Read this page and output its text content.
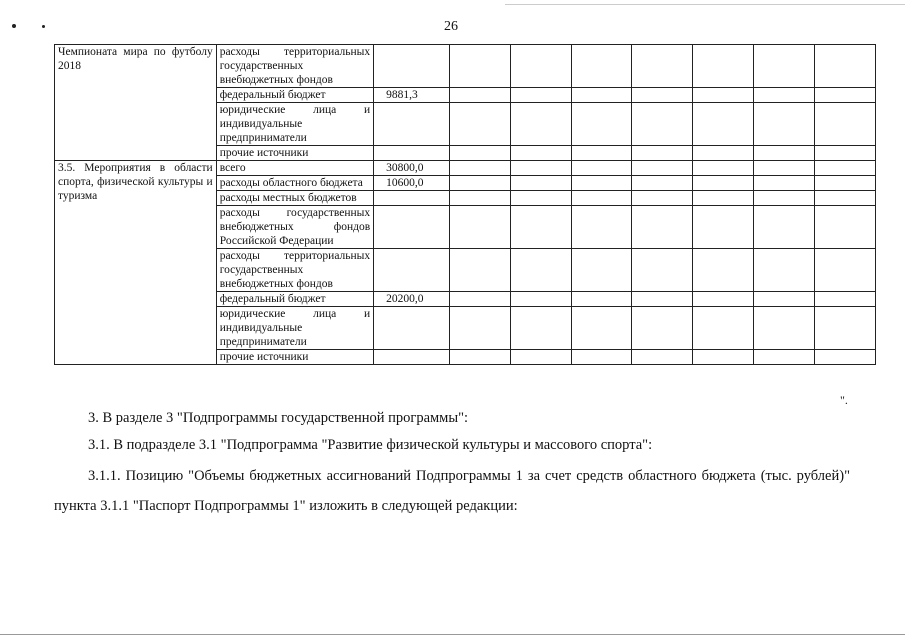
26
Чемпионата мира по футболу 2018	расходы территориальных государственных внебюджетных фондов								
	федеральный бюджет	9881,3							
	юридические лица и индивидуальные предприниматели								
	прочие источники								
3.5. Мероприятия в области спорта, физической культуры и туризма	всего	30800,0							
	расходы областного бюджета	10600,0							
	расходы местных бюджетов								
	расходы государственных внебюджетных фондов Российской Федерации								
	расходы территориальных государственных внебюджетных фондов								
	федеральный бюджет	20200,0							
	юридические лица и индивидуальные предприниматели								
	прочие источники								
".
3. В разделе 3 "Подпрограммы государственной программы":
3.1. В подразделе 3.1 "Подпрограмма "Развитие физической культуры и массового спорта":
3.1.1. Позицию "Объемы бюджетных ассигнований Подпрограммы 1 за счет средств областного бюджета (тыс. рублей)" пункта 3.1.1 "Паспорт Подпрограммы 1" изложить в следующей редакции:
